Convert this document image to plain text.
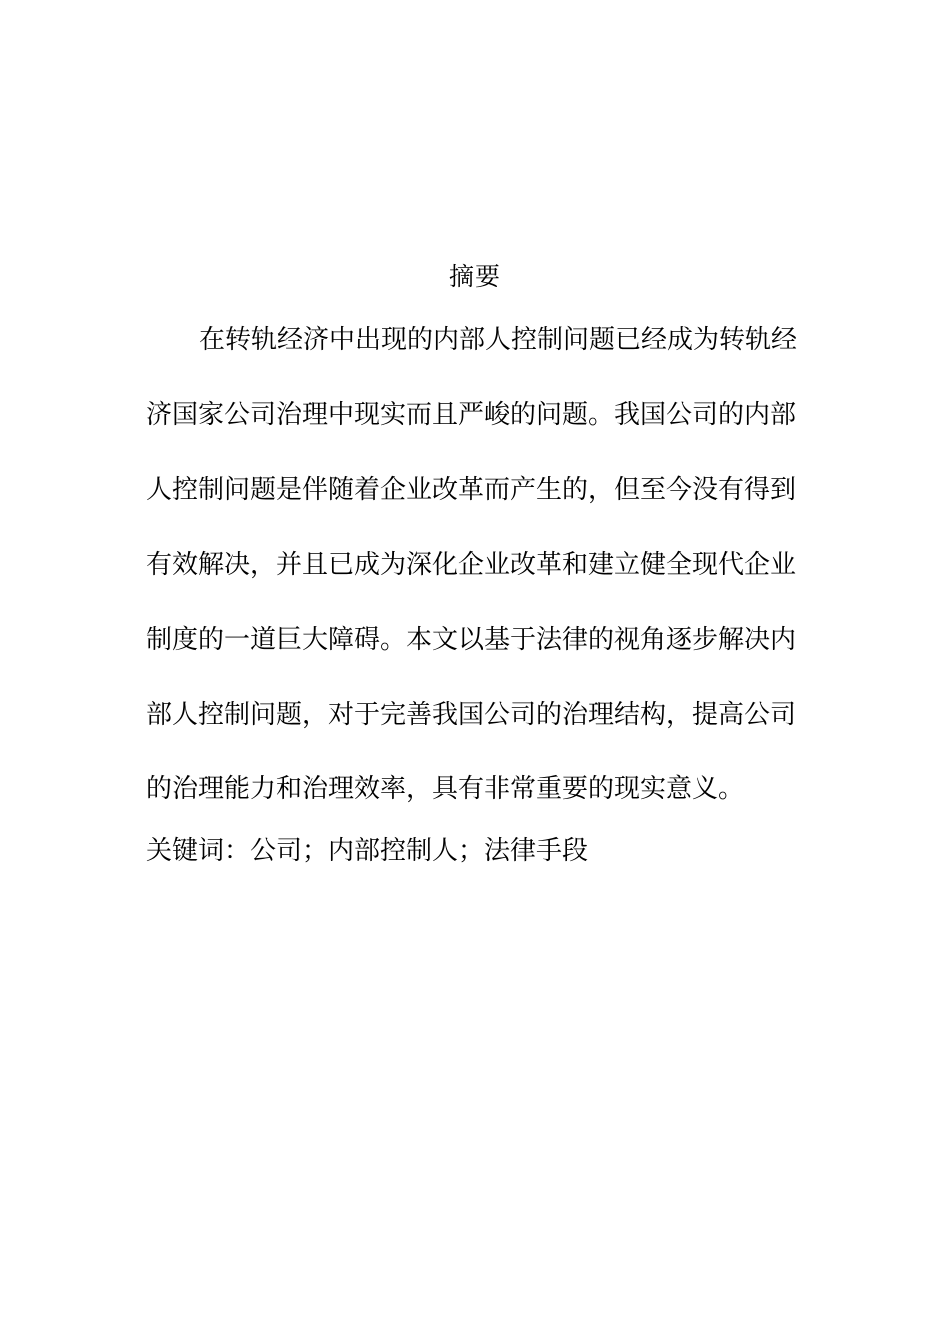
摘要
在转轨经济中出现的内部人控制问题已经成为转轨经
济国家公司治理中现实而且严峻的问题。我国公司的内部
人控制问题是伴随着企业改革而产生的，但至今没有得到
有效解决，并且已成为深化企业改革和建立健全现代企业
制度的一道巨大障碍。本文以基于法律的视角逐步解决内
部人控制问题，对于完善我国公司的治理结构，提高公司
的治理能力和治理效率，具有非常重要的现实意义。
关键词：公司；内部控制人；法律手段
